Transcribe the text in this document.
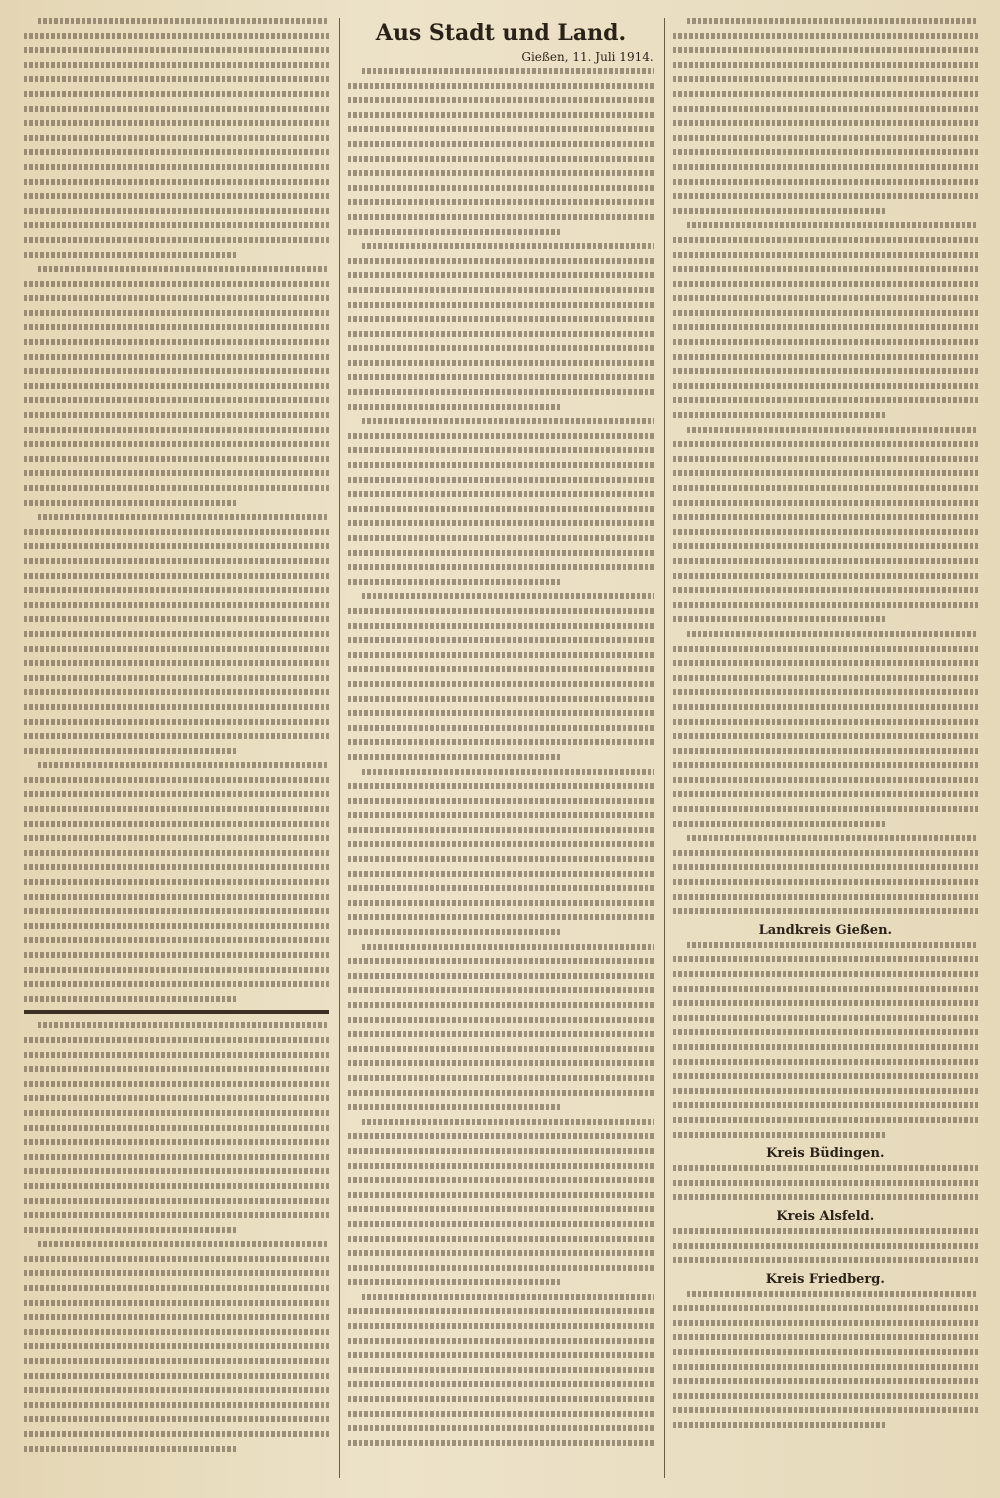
Aus Stadt und Land.
Gießen, 11. Juli 1914.
Landkreis Gießen.
Kreis Büdingen.
Kreis Alsfeld.
Kreis Friedberg.
